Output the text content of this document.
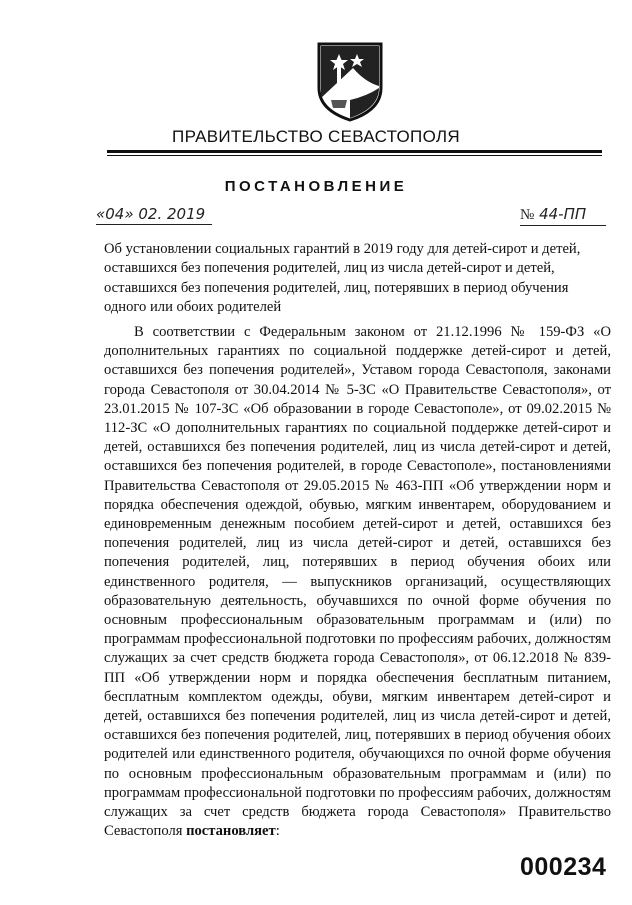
ПРАВИТЕЛЬСТВО СЕВАСТОПОЛЯ
ПОСТАНОВЛЕНИЕ
«04» 02. 2019	№ 44-ПП
Об установлении социальных гарантий в 2019 году для детей-сирот и детей, оставшихся без попечения родителей, лиц из числа детей-сирот и детей, оставшихся без попечения родителей, лиц, потерявших в период обучения одного или обоих родителей
В соответствии с Федеральным законом от 21.12.1996 № 159-ФЗ «О дополнительных гарантиях по социальной поддержке детей-сирот и детей, оставшихся без попечения родителей», Уставом города Севастополя, законами города Севастополя от 30.04.2014 № 5-ЗС «О Правительстве Севастополя», от 23.01.2015 № 107-ЗС «Об образовании в городе Севастополе», от 09.02.2015 № 112-ЗС «О дополнительных гарантиях по социальной поддержке детей-сирот и детей, оставшихся без попечения родителей, лиц из числа детей-сирот и детей, оставшихся без попечения родителей, в городе Севастополе», постановлениями Правительства Севастополя от 29.05.2015 № 463-ПП «Об утверждении норм и порядка обеспечения одеждой, обувью, мягким инвентарем, оборудованием и единовременным денежным пособием детей-сирот и детей, оставшихся без попечения родителей, лиц из числа детей-сирот и детей, оставшихся без попечения родителей, лиц, потерявших в период обучения обоих или единственного родителя, — выпускников организаций, осуществляющих образовательную деятельность, обучавшихся по очной форме обучения по основным профессиональным образовательным программам и (или) по программам профессиональной подготовки по профессиям рабочих, должностям служащих за счет средств бюджета города Севастополя», от 06.12.2018 № 839-ПП «Об утверждении норм и порядка обеспечения бесплатным питанием, бесплатным комплектом одежды, обуви, мягким инвентарем детей-сирот и детей, оставшихся без попечения родителей, лиц из числа детей-сирот и детей, оставшихся без попечения родителей, лиц, потерявших в период обучения обоих родителей или единственного родителя, обучающихся по очной форме обучения по основным профессиональным образовательным программам и (или) по программам профессиональной подготовки по профессиям рабочих, должностям служащих за счет средств бюджета города Севастополя» Правительство Севастополя постановляет:
000234
